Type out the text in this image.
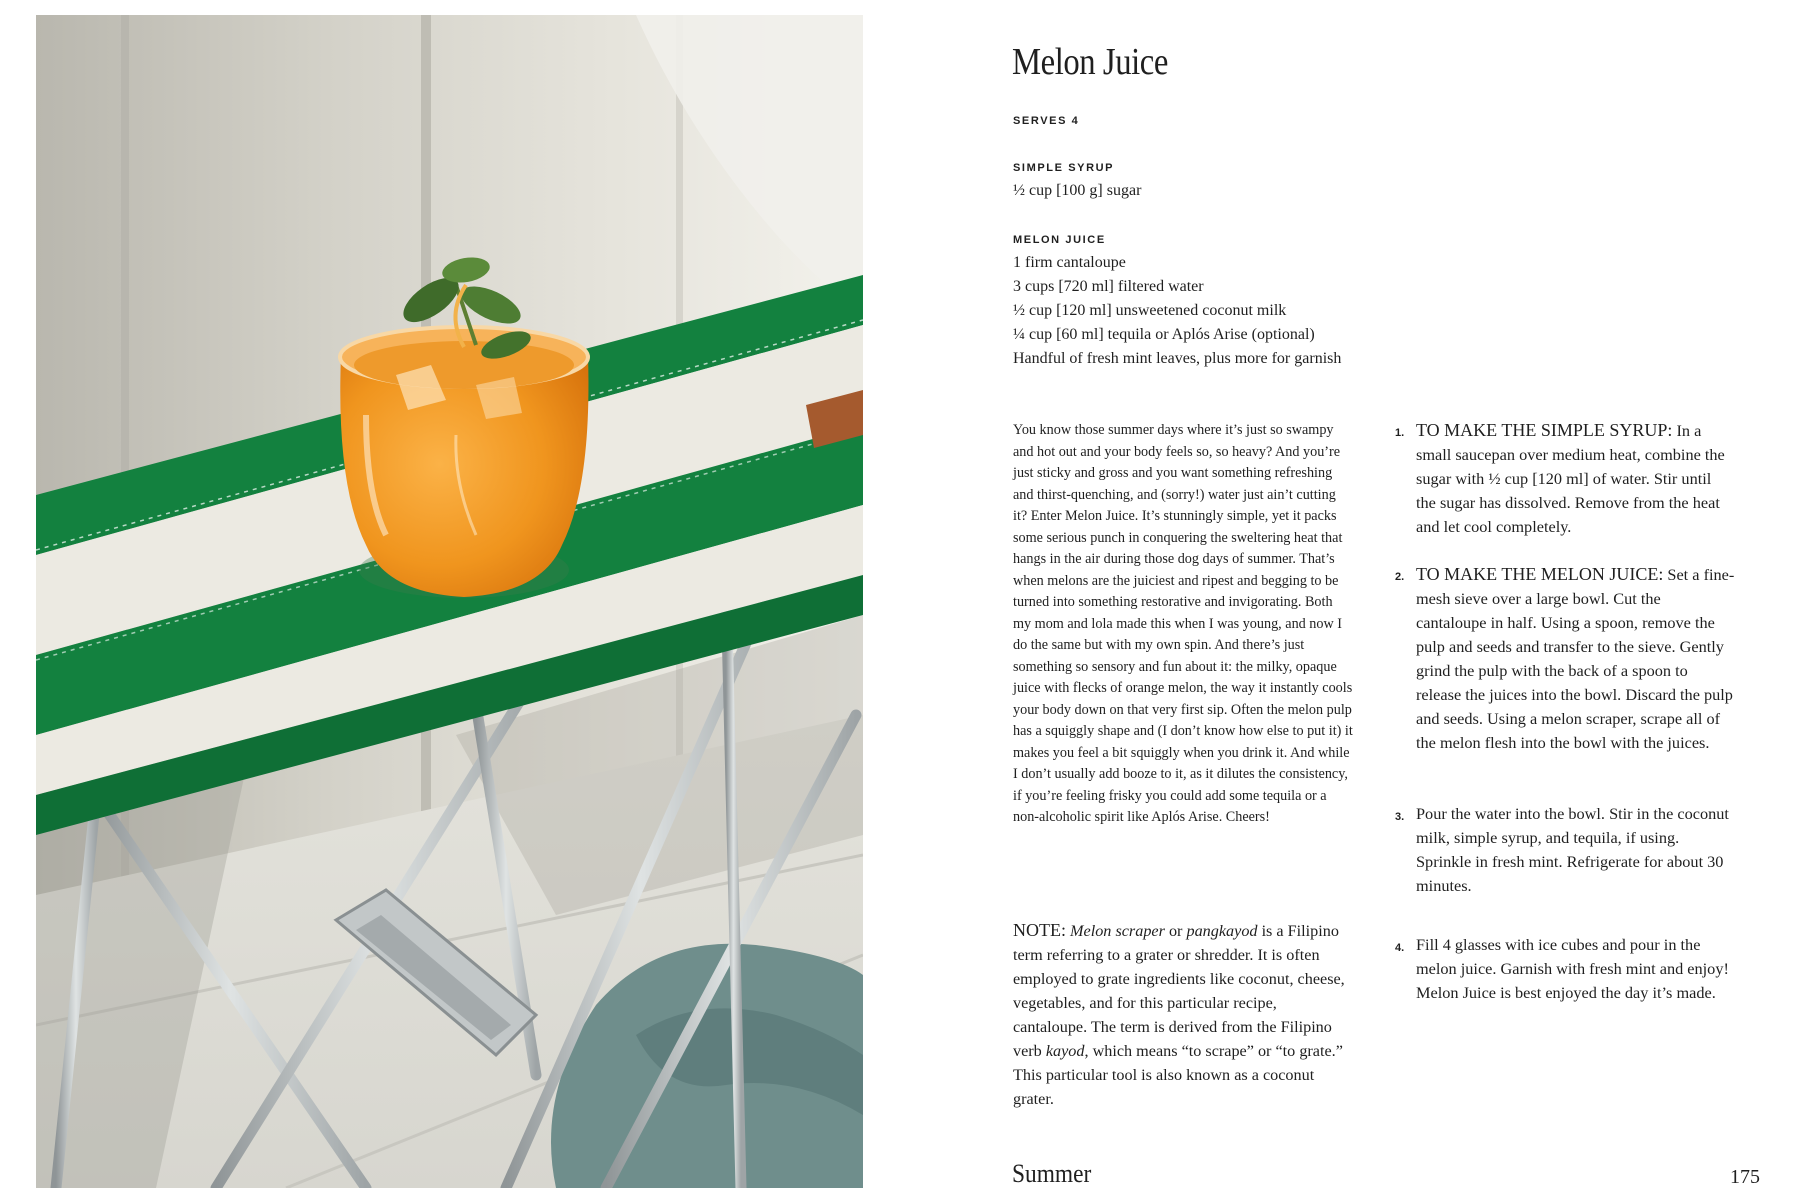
Melon Juice
SERVES 4
SIMPLE SYRUP
½ cup [100 g] sugar
MELON JUICE
1 firm cantaloupe
3 cups [720 ml] filtered water
½ cup [120 ml] unsweetened coconut milk
¼ cup [60 ml] tequila or Aplós Arise (optional)
Handful of fresh mint leaves, plus more for garnish

You know those summer days where it’s just so swampy and hot out and your body feels so, so heavy? And you’re just sticky and gross and you want something refreshing and thirst-quenching, and (sorry!) water just ain’t cutting it? Enter Melon Juice. It’s stunningly simple, yet it packs some serious punch in conquering the sweltering heat that hangs in the air during those dog days of summer. That’s when melons are the juiciest and ripest and begging to be turned into something restorative and invigorating. Both my mom and lola made this when I was young, and now I do the same but with my own spin. And there’s just something so sensory and fun about it: the milky, opaque juice with flecks of orange melon, the way it instantly cools your body down on that very first sip. Often the melon pulp has a squiggly shape and (I don’t know how else to put it) it makes you feel a bit squiggly when you drink it. And while I don’t usually add booze to it, as it dilutes the consistency, if you’re feeling frisky you could add some tequila or a non-alcoholic spirit like Aplós Arise. Cheers!

NOTE: Melon scraper or pangkayod is a Filipino term referring to a grater or shredder. It is often employed to grate ingredients like coconut, cheese, vegetables, and for this particular recipe, cantaloupe. The term is derived from the Filipino verb kayod, which means “to scrape” or “to grate.” This particular tool is also known as a coconut grater.

1. TO MAKE THE SIMPLE SYRUP: In a small saucepan over medium heat, combine the sugar with ½ cup [120 ml] of water. Stir until the sugar has dissolved. Remove from the heat and let cool completely.
2. TO MAKE THE MELON JUICE: Set a fine-mesh sieve over a large bowl. Cut the cantaloupe in half. Using a spoon, remove the pulp and seeds and transfer to the sieve. Gently grind the pulp with the back of a spoon to release the juices into the bowl. Discard the pulp and seeds. Using a melon scraper, scrape all of the melon flesh into the bowl with the juices.
3. Pour the water into the bowl. Stir in the coconut milk, simple syrup, and tequila, if using. Sprinkle in fresh mint. Refrigerate for about 30 minutes.
4. Fill 4 glasses with ice cubes and pour in the melon juice. Garnish with fresh mint and enjoy! Melon Juice is best enjoyed the day it’s made.
Summer	175
